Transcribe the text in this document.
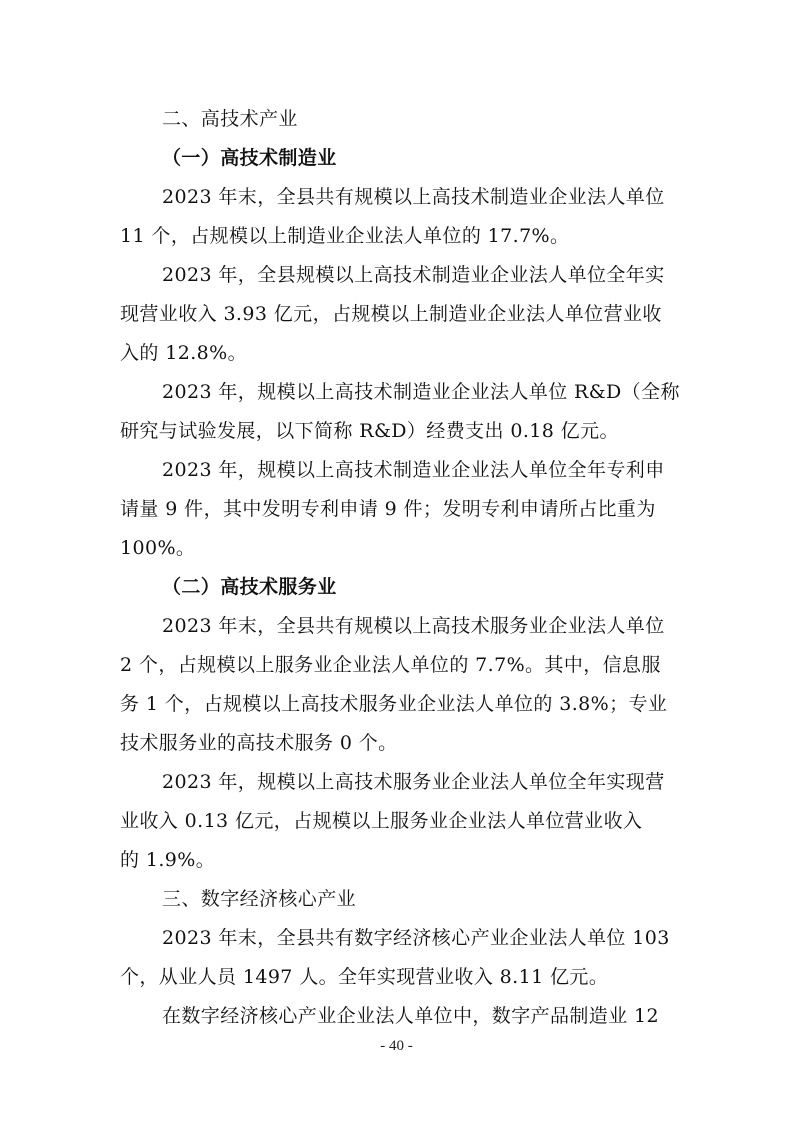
二、高技术产业
（一）高技术制造业
2023 年末，全县共有规模以上高技术制造业企业法人单位
11 个，占规模以上制造业企业法人单位的 17.7%。
2023 年，全县规模以上高技术制造业企业法人单位全年实
现营业收入 3.93 亿元，占规模以上制造业企业法人单位营业收
入的 12.8%。
2023 年，规模以上高技术制造业企业法人单位 R&D（全称
研究与试验发展，以下简称 R&D）经费支出 0.18 亿元。
2023 年，规模以上高技术制造业企业法人单位全年专利申
请量 9 件，其中发明专利申请 9 件；发明专利申请所占比重为
100%。
（二）高技术服务业
2023 年末，全县共有规模以上高技术服务业企业法人单位
2 个，占规模以上服务业企业法人单位的 7.7%。其中，信息服
务 1 个，占规模以上高技术服务业企业法人单位的 3.8%；专业
技术服务业的高技术服务 0 个。
2023 年，规模以上高技术服务业企业法人单位全年实现营
业收入 0.13 亿元，占规模以上服务业企业法人单位营业收入
的 1.9%。
三、数字经济核心产业
2023 年末，全县共有数字经济核心产业企业法人单位 103
个，从业人员 1497 人。全年实现营业收入 8.11 亿元。
在数字经济核心产业企业法人单位中，数字产品制造业 12
- 40 -
